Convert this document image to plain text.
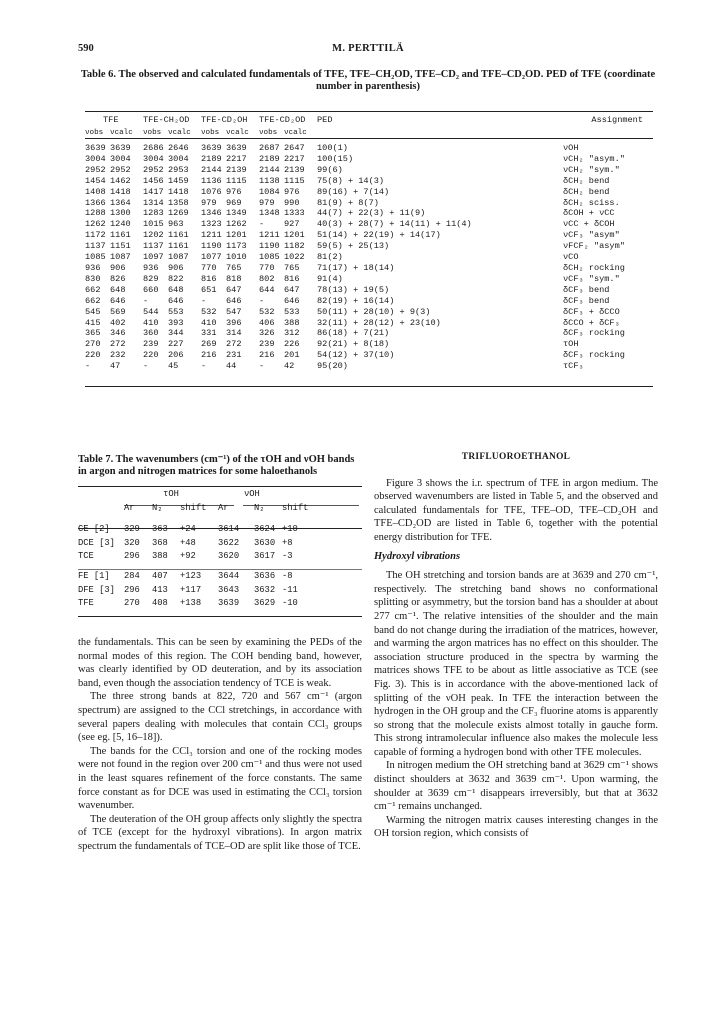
590	M. PERTTILÄ
Table 6. The observed and calculated fundamentals of TFE, TFE–CH₂OD, TFE–CD₂ and TFE–CD₂OD. PED of TFE (coordinate number in parenthesis)
TFE			TFE-CH₂OD			TFE-CD₂OH			TFE-CD₂OD			PED	Assignment
νobs	νcalc		νobs	νcalc		νobs	νcalc		νobs	νcalc			
3639	3639		2686	2646		3639	3639		2687	2647		100(1)	νOH
3004	3004		3004	3004		2189	2217		2189	2217		100(15)	νCH₂ "asym."
2952	2952		2952	2953		2144	2139		2144	2139		99(6)	νCH₂ "sym."
1454	1462		1456	1459		1136	1115		1138	1115		75(8) + 14(3)	δCH₂ bend
1408	1418		1417	1418		1076	976		1084	976		89(16) + 7(14)	δCH₂ bend
1366	1364		1314	1358		979	969		979	990		81(9) + 8(7)	δCH₂ sciss.
1288	1300		1283	1269		1346	1349		1348	1333		44(7) + 22(3) + 11(9)	δCOH + νCC
1262	1240		1015	963		1323	1262		-	927		40(3) + 28(7) + 14(11) + 11(4)	νCC + δCOH
1172	1161		1202	1161		1211	1201		1211	1201		51(14) + 22(19) + 14(17)	νCF₃ "asym"
1137	1151		1137	1161		1190	1173		1190	1182		59(5) + 25(13)	νFCF₂ "asym"
1085	1087		1097	1087		1077	1010		1085	1022		81(2)	νCO
936	906		936	906		770	765		770	765		71(17) + 18(14)	δCH₂ rocking
830	826		829	822		816	818		802	816		91(4)	νCF₃ "sym."
662	648		660	648		651	647		644	647		78(13) + 19(5)	δCF₃ bend
662	646		-	646		-	646		-	646		82(19) + 16(14)	δCF₃ bend
545	569		544	553		532	547		532	533		50(11) + 28(10) + 9(3)	δCF₃ + δCCO
415	402		410	393		410	396		406	388		32(11) + 28(12) + 23(10)	δCCO + δCF₃
365	346		360	344		331	314		326	312		86(18) + 7(21)	δCF₃ rocking
270	272		239	227		269	272		239	226		92(21) + 8(18)	τOH
220	232		220	206		216	231		216	201		54(12) + 37(10)	δCF₃ rocking
-	47		-	45		-	44		-	42		95(20)	τCF₃
Table 7. The wavenumbers (cm⁻¹) of the τOH and νOH bands in argon and nitrogen matrices for some haloethanols
	τOH			νOH		
	Ar	N₂	shift	Ar	N₂	shift

CE [2]	329	363	+24	3614	3624	+10
DCE [3]	320	368	+48	3622	3630	+8
TCE	296	388	+92	3620	3617	-3

FE [1]	284	407	+123	3644	3636	-8
DFE [3]	296	413	+117	3643	3632	-11
TFE	270	408	+138	3639	3629	-10

the fundamentals. This can be seen by examining the PEDs of the normal modes of this region. The COH bending band, however, was clearly identified by OD deuteration, and by its association band, even though the association tendency of TCE is weak.

The three strong bands at 822, 720 and 567 cm⁻¹ (argon spectrum) are assigned to the CCl stretchings, in accordance with several papers dealing with molecules that contain CCl₃ groups (see eg. [5, 16–18]).

The bands for the CCl₃ torsion and one of the rocking modes were not found in the region over 200 cm⁻¹ and thus were not used in the least squares refinement of the force constants. The same force constant as for DCE was used in estimating the CCl₃ torsion wavenumber.

The deuteration of the OH group affects only slightly the spectra of TCE (except for the hydroxyl vibrations). In argon matrix spectrum the fundamentals of TCE–OD are split like those of TCE.

TRIFLUOROETHANOL

Figure 3 shows the i.r. spectrum of TFE in argon medium. The observed wavenumbers are listed in Table 5, and the observed and calculated fundamentals for TFE, TFE–OD, TFE–CD₂OH and TFE–CD₂OD are listed in Table 6, together with the potential energy distribution for TFE.

Hydroxyl vibrations

The OH stretching and torsion bands are at 3639 and 270 cm⁻¹, respectively. The stretching band shows no conformational splitting or asymmetry, but the torsion band has a shoulder at about 277 cm⁻¹. The relative intensities of the shoulder and the main band do not change during the irradiation of the matrices, however, and warming the argon matrices has no effect on this shoulder. The association structure produced in the spectra by warming the matrices shows TFE to be about as little associative as TCE (see Fig. 3). This is in accordance with the above-mentioned lack of splitting of the νOH peak. In TFE the interaction between the hydrogen in the OH group and the CF₃ fluorine atoms is apparently so strong that the molecule exists almost totally in gauche form. This strong intramolecular influence also makes the molecule less capable of forming a hydrogen bond with other TFE molecules.

In nitrogen medium the OH stretching band at 3629 cm⁻¹ shows distinct shoulders at 3632 and 3639 cm⁻¹. Upon warming, the shoulder at 3639 cm⁻¹ disappears irreversibly, but that at 3632 cm⁻¹ remains unchanged.

Warming the nitrogen matrix causes interesting changes in the OH torsion region, which consists of
